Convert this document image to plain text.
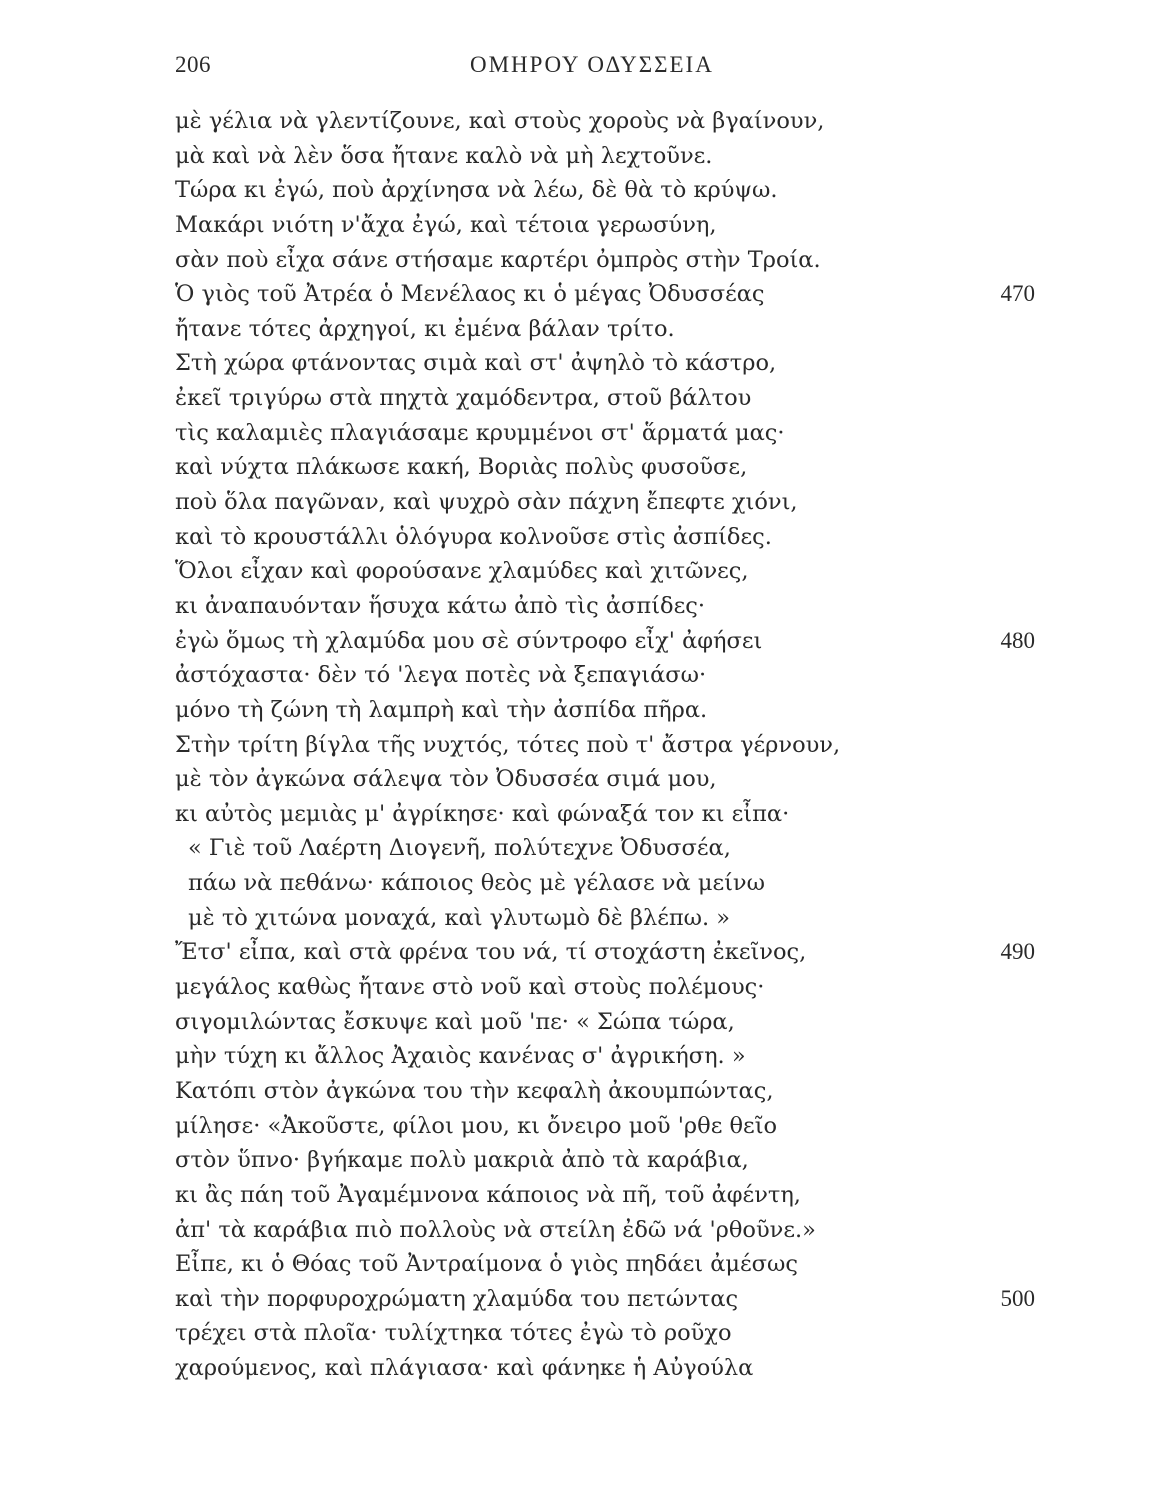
206	ΟΜΗΡΟΥ ΟΔΥΣΣΕΙΑ
μὲ γέλια νὰ γλεντίζουνε, καὶ στοὺς χοροὺς νὰ βγαίνουν,
μὰ καὶ νὰ λὲν ὅσα ἤτανε καλὸ νὰ μὴ λεχτοῦνε.
Τώρα κι ἐγώ, ποὺ ἀρχίνησα νὰ λέω, δὲ θὰ τὸ κρύψω.
Μακάρι νιότη ν'ἄχα ἐγώ, καὶ τέτοια γερωσύνη,
σὰν ποὺ εἶχα σάνε στήσαμε καρτέρι ὀμπρὸς στὴν Τροία.
Ὁ γιὸς τοῦ Ἀτρέα ὁ Μενέλαος κι ὁ μέγας Ὀδυσσέας	470
ἤτανε τότες ἀρχηγοί, κι ἐμένα βάλαν τρίτο.
Στὴ χώρα φτάνοντας σιμὰ καὶ στ' ἀψηλὸ τὸ κάστρο,
ἐκεῖ τριγύρω στὰ πηχτὰ χαμόδεντρα, στοῦ βάλτου
τὶς καλαμιὲς πλαγιάσαμε κρυμμένοι στ' ἅρματά μας·
καὶ νύχτα πλάκωσε κακή, Βοριὰς πολὺς φυσοῦσε,
ποὺ ὅλα παγῶναν, καὶ ψυχρὸ σὰν πάχνη ἔπεφτε χιόνι,
καὶ τὸ κρουστάλλι ὁλόγυρα κολνοῦσε στὶς ἀσπίδες.
Ὅλοι εἶχαν καὶ φορούσανε χλαμύδες καὶ χιτῶνες,
κι ἀναπαυόνταν ἥσυχα κάτω ἀπὸ τὶς ἀσπίδες·
ἐγὼ ὅμως τὴ χλαμύδα μου σὲ σύντροφο εἶχ' ἀφήσει	480
ἀστόχαστα· δὲν τό 'λεγα ποτὲς νὰ ξεπαγιάσω·
μόνο τὴ ζώνη τὴ λαμπρὴ καὶ τὴν ἀσπίδα πῆρα.
Στὴν τρίτη βίγλα τῆς νυχτός, τότες ποὺ τ' ἄστρα γέρνουν,
μὲ τὸν ἀγκώνα σάλεψα τὸν Ὀδυσσέα σιμά μου,
κι αὐτὸς μεμιὰς μ' ἀγρίκησε· καὶ φώναξά τον κι εἶπα·
« Γιὲ τοῦ Λαέρτη Διογενῆ, πολύτεχνε Ὀδυσσέα,
πάω νὰ πεθάνω· κάποιος θεὸς μὲ γέλασε νὰ μείνω
μὲ τὸ χιτώνα μοναχά, καὶ γλυτωμὸ δὲ βλέπω. »
Ἔτσ' εἶπα, καὶ στὰ φρένα του νά, τί στοχάστη ἐκεῖνος,	490
μεγάλος καθὼς ἤτανε στὸ νοῦ καὶ στοὺς πολέμους·
σιγομιλώντας ἔσκυψε καὶ μοῦ 'πε· « Σώπα τώρα,
μὴν τύχη κι ἄλλος Ἀχαιὸς κανένας σ' ἀγρικήση. »
Κατόπι στὸν ἀγκώνα του τὴν κεφαλὴ ἀκουμπώντας,
μίλησε· «Ἀκοῦστε, φίλοι μου, κι ὄνειρο μοῦ 'ρθε θεῖο
στὸν ὕπνο· βγήκαμε πολὺ μακριὰ ἀπὸ τὰ καράβια,
κι ἂς πάη τοῦ Ἀγαμέμνονα κάποιος νὰ πῆ, τοῦ ἀφέντη,
ἀπ' τὰ καράβια πιὸ πολλοὺς νὰ στείλη ἐδῶ νά 'ρθοῦνε.»
Εἶπε, κι ὁ Θόας τοῦ Ἀντραίμονα ὁ γιὸς πηδάει ἀμέσως
καὶ τὴν πορφυροχρώματη χλαμύδα του πετώντας	500
τρέχει στὰ πλοῖα· τυλίχτηκα τότες ἐγὼ τὸ ροῦχο
χαρούμενος, καὶ πλάγιασα· καὶ φάνηκε ἡ Αὐγούλα
